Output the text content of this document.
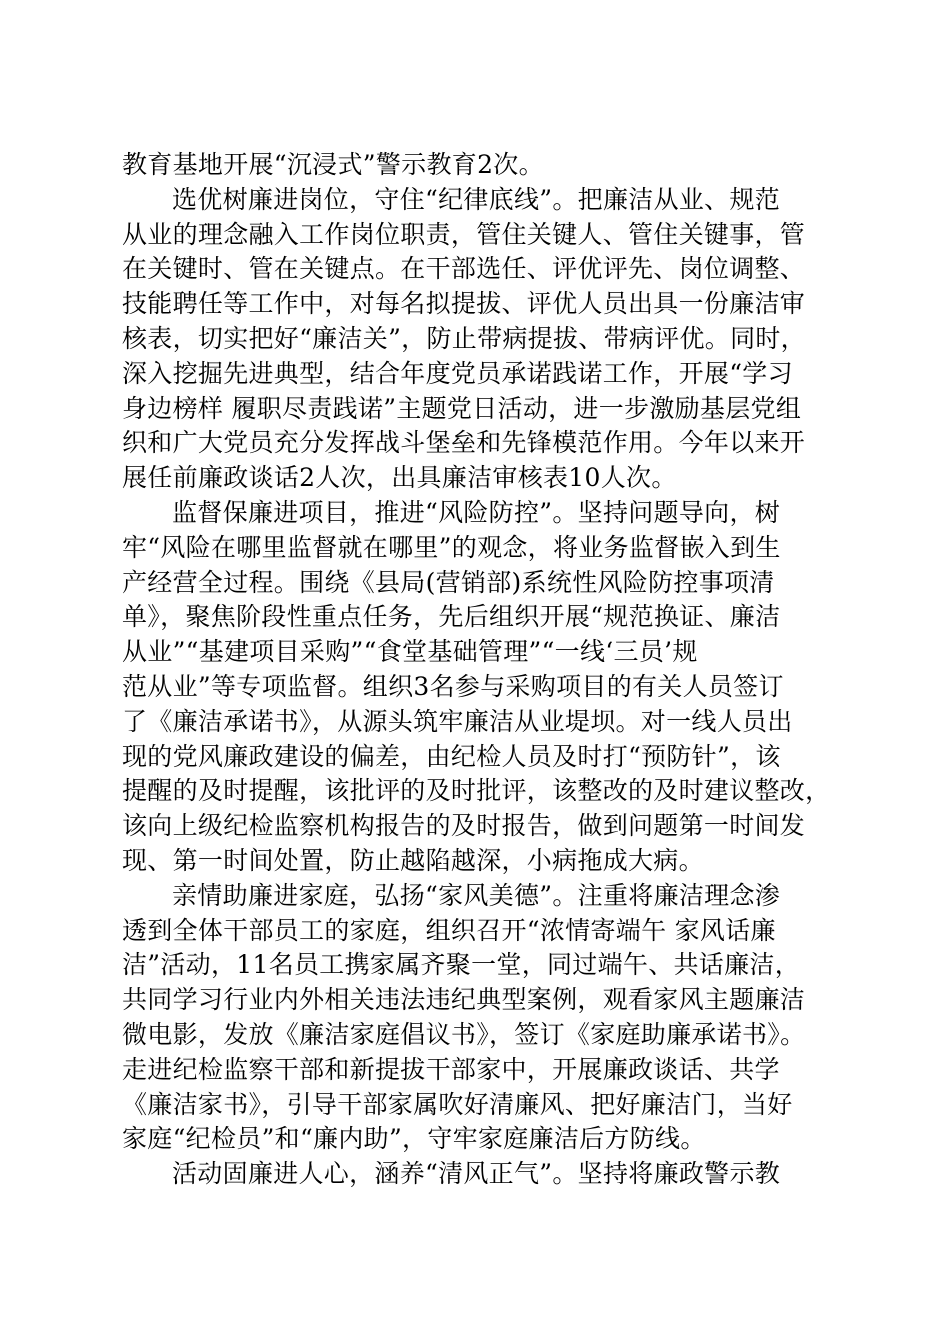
教育基地开展“沉浸式”警示教育2次。
选优树廉进岗位，守住“纪律底线”。把廉洁从业、规范
从业的理念融入工作岗位职责，管住关键人、管住关键事，管
在关键时、管在关键点。在干部选任、评优评先、岗位调整、
技能聘任等工作中，对每名拟提拔、评优人员出具一份廉洁审
核表，切实把好“廉洁关”，防止带病提拔、带病评优。同时，
深入挖掘先进典型，结合年度党员承诺践诺工作，开展“学习
身边榜样 履职尽责践诺”主题党日活动，进一步激励基层党组
织和广大党员充分发挥战斗堡垒和先锋模范作用。今年以来开
展任前廉政谈话2人次，出具廉洁审核表10人次。
监督保廉进项目，推进“风险防控”。坚持问题导向，树
牢“风险在哪里监督就在哪里”的观念，将业务监督嵌入到生
产经营全过程。围绕《县局(营销部)系统性风险防控事项清
单》，聚焦阶段性重点任务，先后组织开展“规范换证、廉洁
从业”“基建项目采购”“食堂基础管理”“一线‘三员’规
范从业”等专项监督。组织3名参与采购项目的有关人员签订
了《廉洁承诺书》，从源头筑牢廉洁从业堤坝。对一线人员出
现的党风廉政建设的偏差，由纪检人员及时打“预防针”，该
提醒的及时提醒，该批评的及时批评，该整改的及时建议整改，
该向上级纪检监察机构报告的及时报告，做到问题第一时间发
现、第一时间处置，防止越陷越深，小病拖成大病。
亲情助廉进家庭，弘扬“家风美德”。注重将廉洁理念渗
透到全体干部员工的家庭，组织召开“浓情寄端午 家风话廉
洁”活动，11名员工携家属齐聚一堂，同过端午、共话廉洁，
共同学习行业内外相关违法违纪典型案例，观看家风主题廉洁
微电影，发放《廉洁家庭倡议书》，签订《家庭助廉承诺书》。
走进纪检监察干部和新提拔干部家中，开展廉政谈话、共学
《廉洁家书》，引导干部家属吹好清廉风、把好廉洁门，当好
家庭“纪检员”和“廉内助”，守牢家庭廉洁后方防线。
活动固廉进人心，涵养“清风正气”。坚持将廉政警示教
